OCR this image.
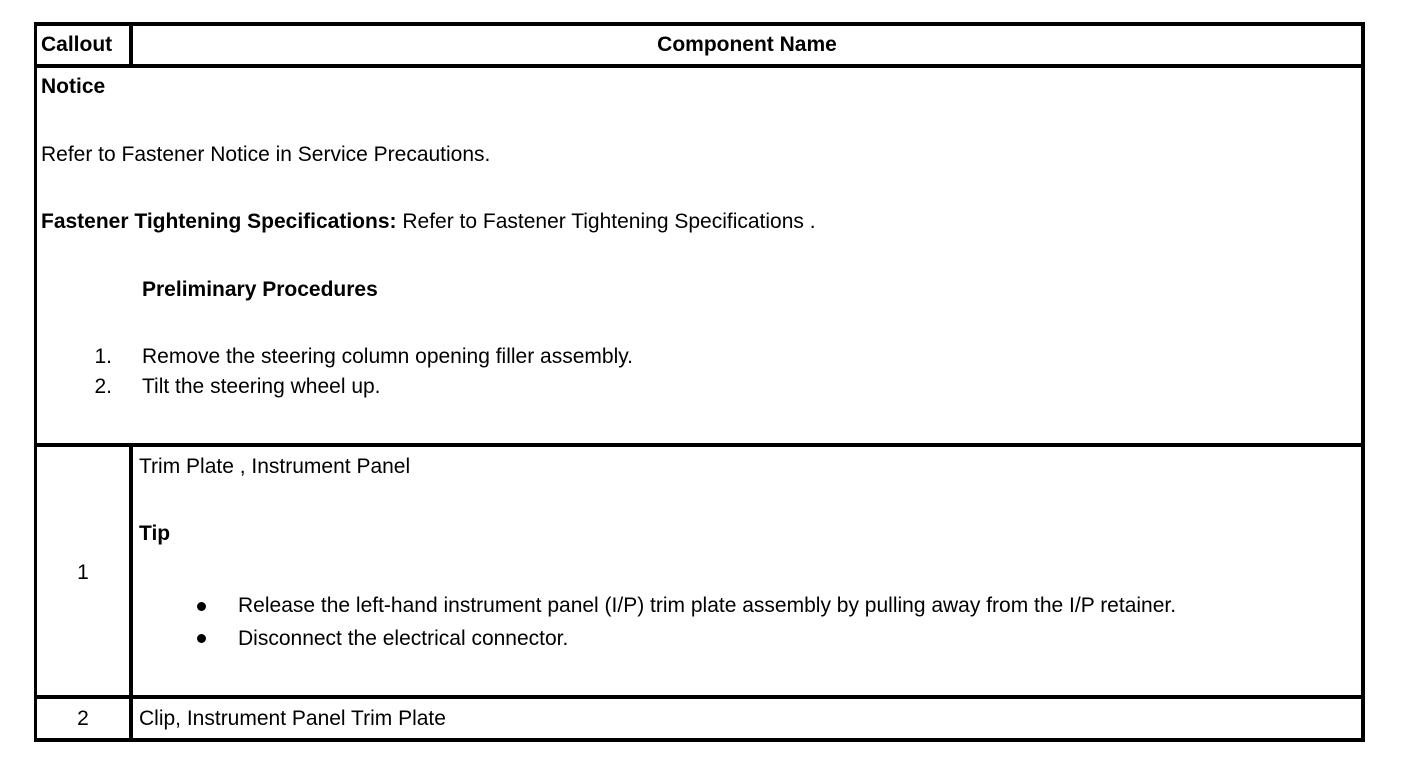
Callout	Component Name
Notice
Refer to Fastener Notice in Service Precautions.
Fastener Tightening Specifications: Refer to Fastener Tightening Specifications .
Preliminary Procedures
1. Remove the steering column opening filler assembly.
2. Tilt the steering wheel up.
1
Trim Plate , Instrument Panel
Tip
Release the left-hand instrument panel (I/P) trim plate assembly by pulling away from the I/P retainer.
Disconnect the electrical connector.
2	Clip, Instrument Panel Trim Plate
